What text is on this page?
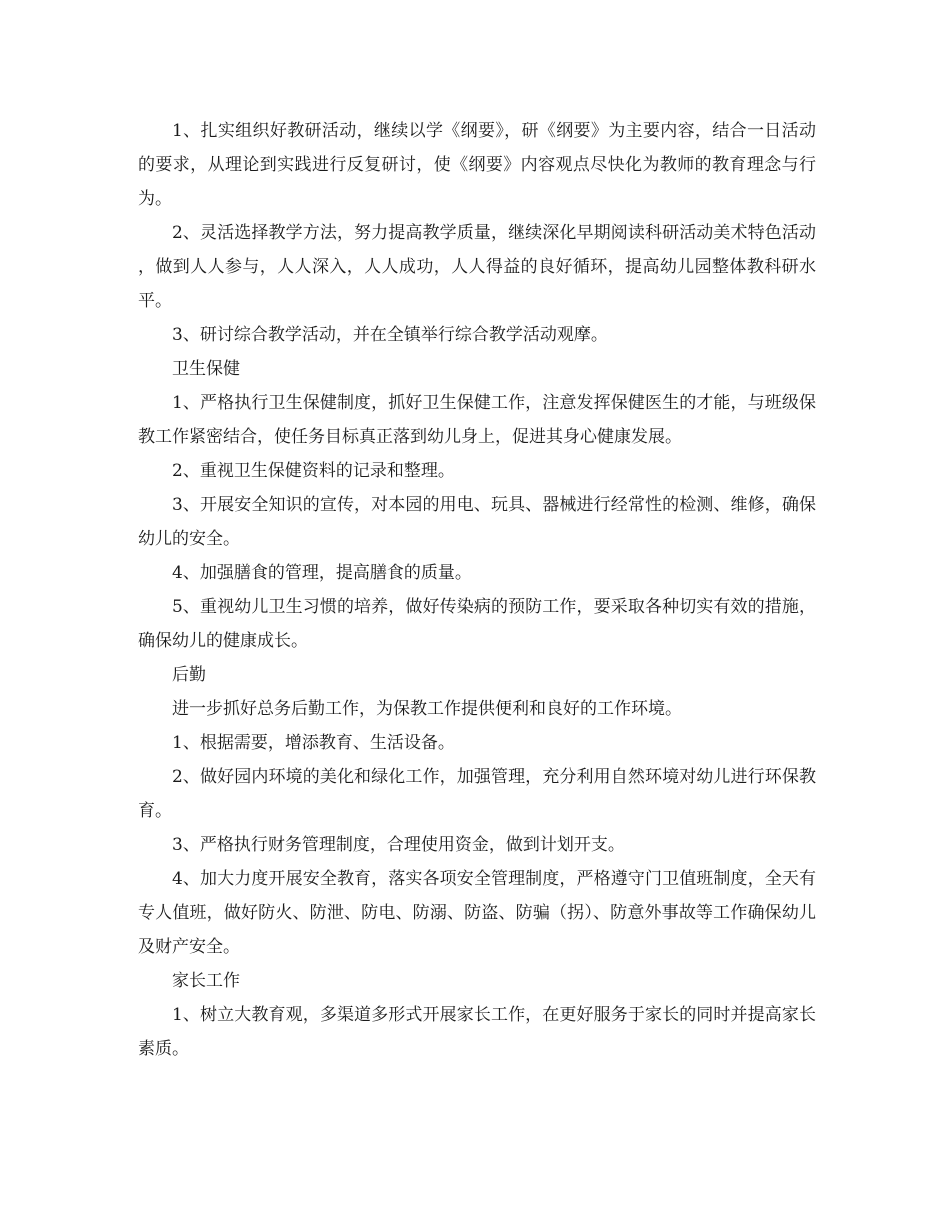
1、扎实组织好教研活动，继续以学《纲要》，研《纲要》为主要内容，结合一日活动的要求，从理论到实践进行反复研讨，使《纲要》内容观点尽快化为教师的教育理念与行为。

2、灵活选择教学方法，努力提高教学质量，继续深化早期阅读科研活动美术特色活动，做到人人参与，人人深入，人人成功，人人得益的良好循环，提高幼儿园整体教科研水平。

3、研讨综合教学活动，并在全镇举行综合教学活动观摩。

卫生保健

1、严格执行卫生保健制度，抓好卫生保健工作，注意发挥保健医生的才能，与班级保教工作紧密结合，使任务目标真正落到幼儿身上，促进其身心健康发展。

2、重视卫生保健资料的记录和整理。

3、开展安全知识的宣传，对本园的用电、玩具、器械进行经常性的检测、维修，确保幼儿的安全。

4、加强膳食的管理，提高膳食的质量。

5、重视幼儿卫生习惯的培养，做好传染病的预防工作，要采取各种切实有效的措施，确保幼儿的健康成长。

后勤

进一步抓好总务后勤工作，为保教工作提供便利和良好的工作环境。

1、根据需要，增添教育、生活设备。

2、做好园内环境的美化和绿化工作，加强管理，充分利用自然环境对幼儿进行环保教育。

3、严格执行财务管理制度，合理使用资金，做到计划开支。

4、加大力度开展安全教育，落实各项安全管理制度，严格遵守门卫值班制度，全天有专人值班，做好防火、防泄、防电、防溺、防盗、防骗（拐）、防意外事故等工作确保幼儿及财产安全。

家长工作

1、树立大教育观，多渠道多形式开展家长工作，在更好服务于家长的同时并提高家长素质。
